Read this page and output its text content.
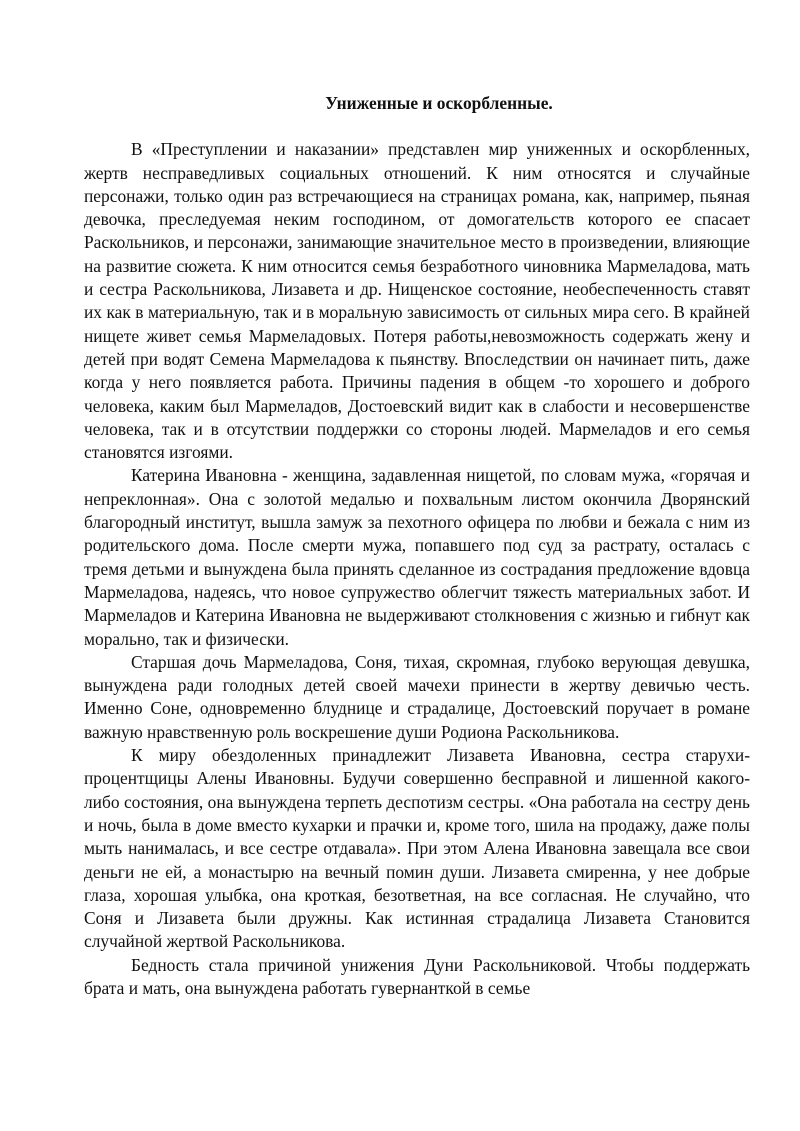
Униженные и оскорбленные.

В «Преступлении и наказании» представлен мир униженных и оскорбленных, жертв несправедливых социальных отношений. К ним относятся и случайные персонажи, только один раз встречающиеся на страницах романа, как, например, пьяная девочка, преследуемая неким господином, от домогательств которого ее спасает Раскольников, и персонажи, занимающие значительное место в произведении, влияющие на развитие сюжета. К ним относится семья безработного чиновника Мармеладова, мать и сестра Раскольникова, Лизавета и др. Нищенское состояние, необеспеченность ставят их как в материальную, так и в моральную зависимость от сильных мира сего. В крайней нищете живет семья Мармеладовых. Потеря работы,невозможность содержать жену и детей при водят Семена Мармеладова к пьянству. Впоследствии он начинает пить, даже когда у него появляется работа. Причины падения в общем -то хорошего и доброго человека, каким был Мармеладов, Достоевский видит как в слабости и несовершенстве человека, так и в отсутствии поддержки со стороны людей. Мармеладов и его семья становятся изгоями.

Катерина Ивановна - женщина, задавленная нищетой, по словам мужа, «горячая и непреклонная». Она с золотой медалью и похвальным листом окончила Дворянский благородный институт, вышла замуж за пехотного офицера по любви и бежала с ним из родительского дома. После смерти мужа, попавшего под суд за растрату, осталась с тремя детьми и вынуждена была принять сделанное из сострадания предложение вдовца Мармеладова, надеясь, что новое супружество облегчит тяжесть материальных забот. И Мармеладов и Катерина Ивановна не выдерживают столкновения с жизнью и гибнут как морально, так и физически.

Старшая дочь Мармеладова, Соня, тихая, скромная, глубоко верующая девушка, вынуждена ради голодных детей своей мачехи принести в жертву девичью честь. Именно Соне, одновременно блуднице и страдалице, Достоевский поручает в романе важную нравственную роль воскрешение души Родиона Раскольникова.

К миру обездоленных принадлежит Лизавета Ивановна, сестра старухи-процентщицы Алены Ивановны. Будучи совершенно бесправной и лишенной какого-либо состояния, она вынуждена терпеть деспотизм сестры. «Она работала на сестру день и ночь, была в доме вместо кухарки и прачки и, кроме того, шила на продажу, даже полы мыть нанималась, и все сестре отдавала». При этом Алена Ивановна завещала все свои деньги не ей, а монастырю на вечный помин души. Лизавета смиренна, у нее добрые глаза, хорошая улыбка, она кроткая, безответная, на все согласная. Не случайно, что Соня и Лизавета были дружны. Как истинная страдалица Лизавета Становится случайной жертвой Раскольникова.

Бедность стала причиной унижения Дуни Раскольниковой. Чтобы поддержать брата и мать, она вынуждена работать гувернанткой в семье
